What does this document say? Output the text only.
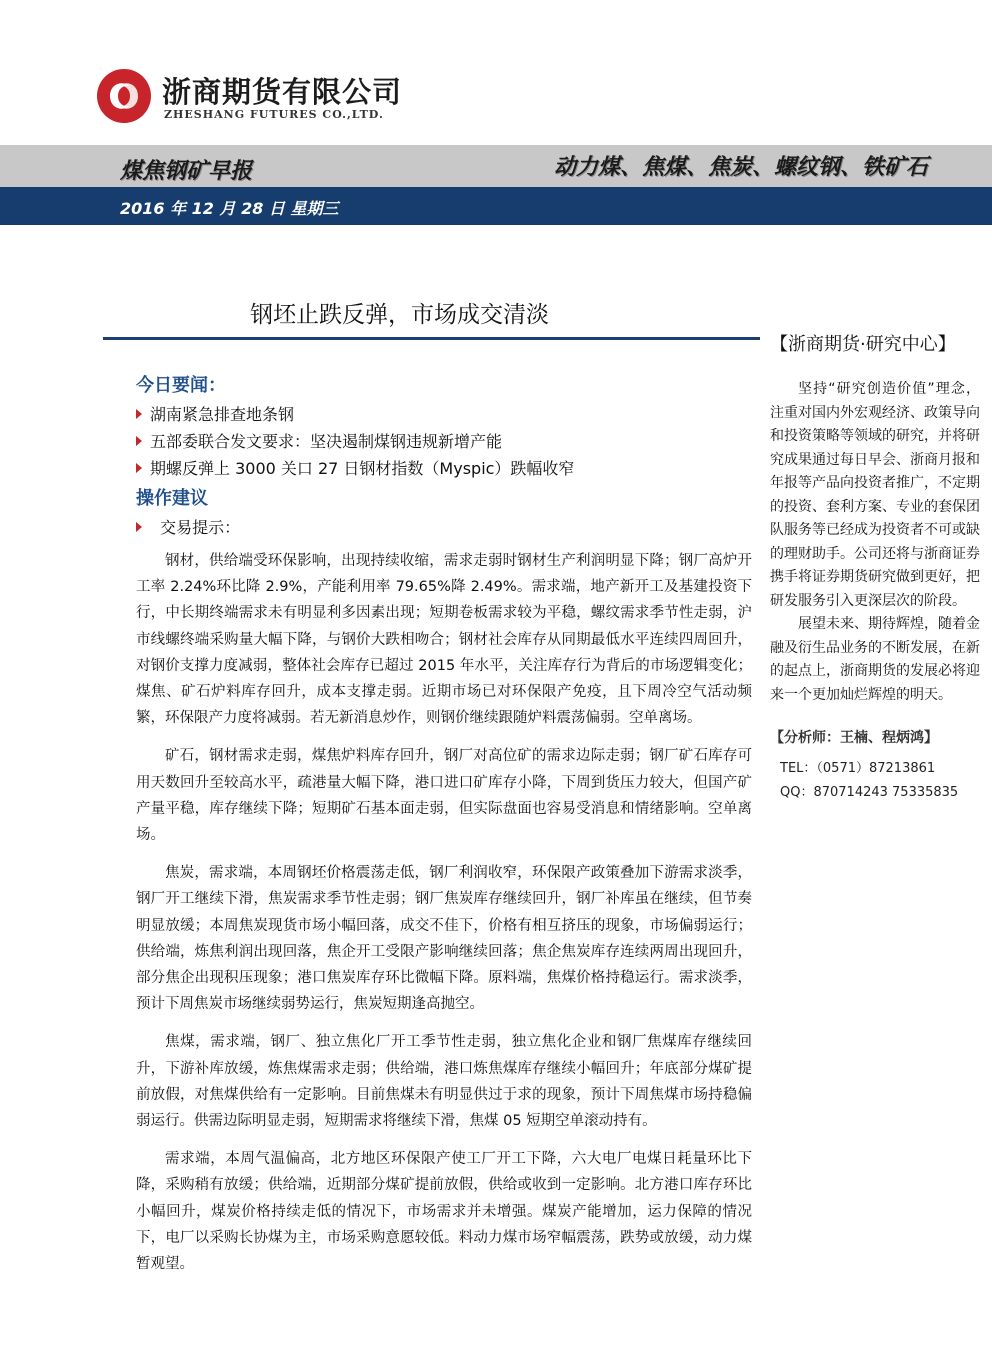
浙商期货有限公司
ZHESHANG FUTURES CO.,LTD.
煤焦钢矿早报	动力煤、焦煤、焦炭、螺纹钢、铁矿石
2016 年 12 月 28 日 星期三
钢坯止跌反弹，市场成交清淡
【浙商期货·研究中心】

坚持“研究创造价值”理念，注重对国内外宏观经济、政策导向和投资策略等领域的研究，并将研究成果通过每日早会、浙商月报和年报等产品向投资者推广，不定期的投资、套利方案、专业的套保团队服务等已经成为投资者不可或缺的理财助手。公司还将与浙商证券携手将证券期货研究做到更好，把研发服务引入更深层次的阶段。

展望未来、期待辉煌，随着金融及衍生品业务的不断发展，在新的起点上，浙商期货的发展必将迎来一个更加灿烂辉煌的明天。

【分析师：王楠、程炳鸿】
TEL：（0571）87213861
QQ：870714243 75335835
今日要闻：
湖南紧急排查地条钢
五部委联合发文要求：坚决遏制煤钢违规新增产能
期螺反弹上 3000 关口 27 日钢材指数（Myspic）跌幅收窄
操作建议
交易提示：

钢材，供给端受环保影响，出现持续收缩，需求走弱时钢材生产利润明显下降；钢厂高炉开工率 2.24%环比降 2.9%，产能利用率 79.65%降 2.49%。需求端，地产新开工及基建投资下行，中长期终端需求未有明显利多因素出现；短期卷板需求较为平稳，螺纹需求季节性走弱，沪市线螺终端采购量大幅下降，与钢价大跌相吻合；钢材社会库存从同期最低水平连续四周回升，对钢价支撑力度减弱，整体社会库存已超过 2015 年水平，关注库存行为背后的市场逻辑变化；煤焦、矿石炉料库存回升，成本支撑走弱。近期市场已对环保限产免疫，且下周冷空气活动频繁，环保限产力度将减弱。若无新消息炒作，则钢价继续跟随炉料震荡偏弱。空单离场。

矿石，钢材需求走弱，煤焦炉料库存回升，钢厂对高位矿的需求边际走弱；钢厂矿石库存可用天数回升至较高水平，疏港量大幅下降，港口进口矿库存小降，下周到货压力较大，但国产矿产量平稳，库存继续下降；短期矿石基本面走弱，但实际盘面也容易受消息和情绪影响。空单离场。

焦炭，需求端，本周钢坯价格震荡走低，钢厂利润收窄，环保限产政策叠加下游需求淡季，钢厂开工继续下滑，焦炭需求季节性走弱；钢厂焦炭库存继续回升，钢厂补库虽在继续，但节奏明显放缓；本周焦炭现货市场小幅回落，成交不佳下，价格有相互挤压的现象，市场偏弱运行；供给端，炼焦利润出现回落，焦企开工受限产影响继续回落；焦企焦炭库存连续两周出现回升，部分焦企出现积压现象；港口焦炭库存环比微幅下降。原料端，焦煤价格持稳运行。需求淡季，预计下周焦炭市场继续弱势运行，焦炭短期逢高抛空。

焦煤，需求端，钢厂、独立焦化厂开工季节性走弱，独立焦化企业和钢厂焦煤库存继续回升，下游补库放缓，炼焦煤需求走弱；供给端，港口炼焦煤库存继续小幅回升；年底部分煤矿提前放假，对焦煤供给有一定影响。目前焦煤未有明显供过于求的现象，预计下周焦煤市场持稳偏弱运行。供需边际明显走弱，短期需求将继续下滑，焦煤 05 短期空单滚动持有。

需求端，本周气温偏高，北方地区环保限产使工厂开工下降，六大电厂电煤日耗量环比下降，采购稍有放缓；供给端，近期部分煤矿提前放假，供给或收到一定影响。北方港口库存环比小幅回升，煤炭价格持续走低的情况下，市场需求并未增强。煤炭产能增加，运力保障的情况下，电厂以采购长协煤为主，市场采购意愿较低。料动力煤市场窄幅震荡，跌势或放缓，动力煤暂观望。
